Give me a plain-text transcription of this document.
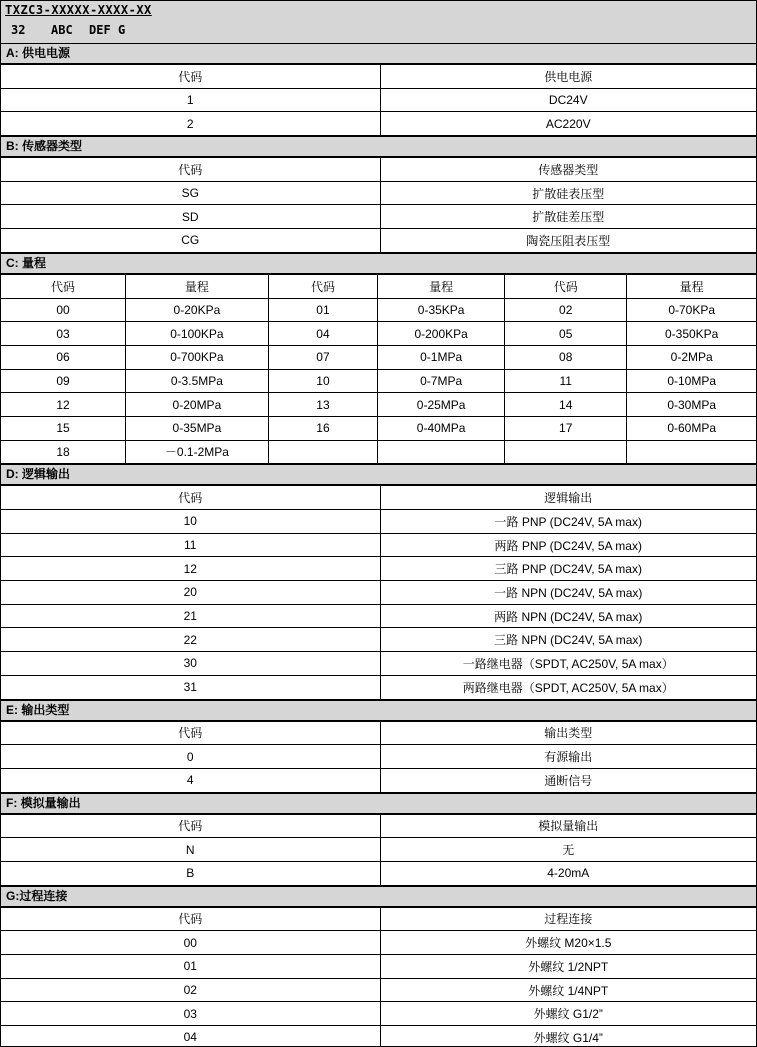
TXZC3-XXXXX-XXXX-XX
32 ABC DEF G
A: 供电电源
代码	供电电源
1	DC24V
2	AC220V
B: 传感器类型
代码	传感器类型
SG	扩散硅表压型
SD	扩散硅差压型
CG	陶瓷压阻表压型
C: 量程
代码	量程	代码	量程	代码	量程
00	0-20KPa	01	0-35KPa	02	0-70KPa
03	0-100KPa	04	0-200KPa	05	0-350KPa
06	0-700KPa	07	0-1MPa	08	0-2MPa
09	0-3.5MPa	10	0-7MPa	11	0-10MPa
12	0-20MPa	13	0-25MPa	14	0-30MPa
15	0-35MPa	16	0-40MPa	17	0-60MPa
18	－0.1-2MPa				
D: 逻辑输出
代码	逻辑输出
10	一路 PNP (DC24V, 5A max)
11	两路 PNP (DC24V, 5A max)
12	三路 PNP (DC24V, 5A max)
20	一路 NPN (DC24V, 5A max)
21	两路 NPN (DC24V, 5A max)
22	三路 NPN (DC24V, 5A max)
30	一路继电器（SPDT, AC250V, 5A max）
31	两路继电器（SPDT, AC250V, 5A max）
E: 输出类型
代码	输出类型
0	有源输出
4	通断信号
F: 模拟量输出
代码	模拟量输出
N	无
B	4-20mA
G:过程连接
代码	过程连接
00	外螺纹 M20×1.5
01	外螺纹 1/2NPT
02	外螺纹 1/4NPT
03	外螺纹 G1/2”
04	外螺纹 G1/4”
